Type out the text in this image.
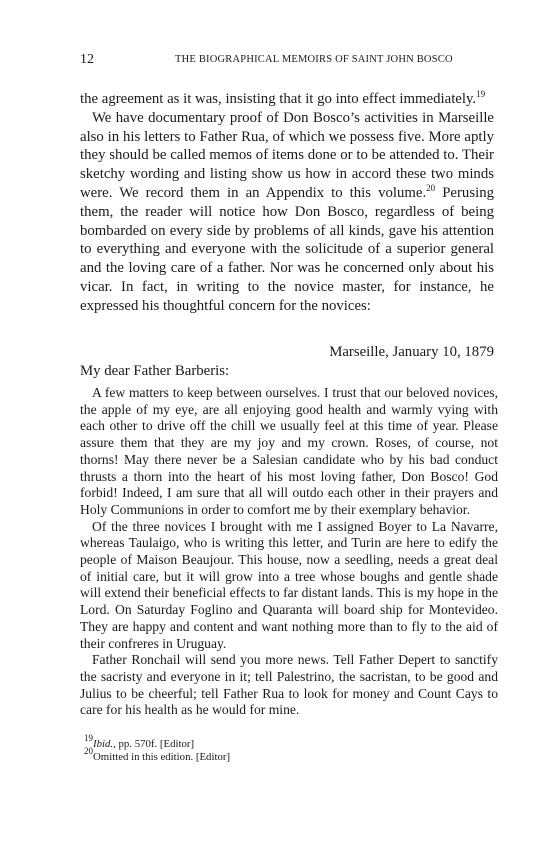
12	THE BIOGRAPHICAL MEMOIRS OF SAINT JOHN BOSCO

the agreement as it was, insisting that it go into effect immediately.$^{19}$

We have documentary proof of Don Bosco’s activities in Marseille also in his letters to Father Rua, of which we possess five. More aptly they should be called memos of items done or to be attended to. Their sketchy wording and listing show us how in accord these two minds were. We record them in an Appendix to this volume.$^{20}$ Perusing them, the reader will notice how Don Bosco, regardless of being bombarded on every side by problems of all kinds, gave his attention to everything and everyone with the solicitude of a superior general and the loving care of a father. Nor was he concerned only about his vicar. In fact, in writing to the novice master, for instance, he expressed his thoughtful concern for the novices:

Marseille, January 10, 1879
My dear Father Barberis:

A few matters to keep between ourselves. I trust that our beloved novices, the apple of my eye, are all enjoying good health and warmly vying with each other to drive off the chill we usually feel at this time of year. Please assure them that they are my joy and my crown. Roses, of course, not thorns! May there never be a Salesian candidate who by his bad conduct thrusts a thorn into the heart of his most loving father, Don Bosco! God forbid! Indeed, I am sure that all will outdo each other in their prayers and Holy Communions in order to comfort me by their exemplary behavior.

Of the three novices I brought with me I assigned Boyer to La Navarre, whereas Taulaigo, who is writing this letter, and Turin are here to edify the people of Maison Beaujour. This house, now a seedling, needs a great deal of initial care, but it will grow into a tree whose boughs and gentle shade will extend their beneficial effects to far distant lands. This is my hope in the Lord. On Saturday Foglino and Quaranta will board ship for Montevideo. They are happy and content and want nothing more than to fly to the aid of their confreres in Uruguay.

Father Ronchail will send you more news. Tell Father Depert to sanctify the sacristy and everyone in it; tell Palestrino, the sacristan, to be good and Julius to be cheerful; tell Father Rua to look for money and Count Cays to care for his health as he would for mine.

$^{19}$Ibid., pp. 570f. [Editor]
$^{20}$Omitted in this edition. [Editor]
